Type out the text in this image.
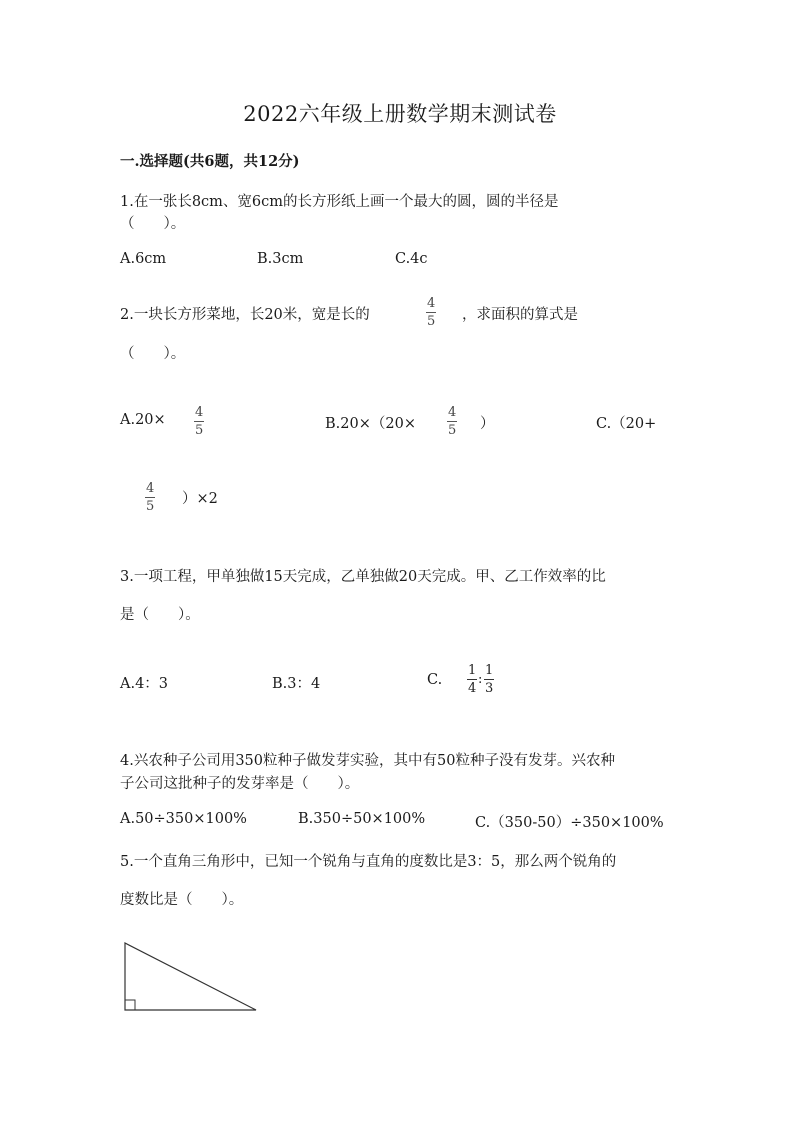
2022六年级上册数学期末测试卷
一.选择题(共6题，共12分)
1.在一张长8cm、宽6cm的长方形纸上画一个最大的圆，圆的半径是
（　　）。
A.6cm	B.3cm	C.4c
2.一块长方形菜地，长20米，宽是长的
4
5 ，求面积的算式是
（　　）。
A.20× 4
5	B.20×（20×
4
5 ）	C.（20+
4
5 ）×2
3.一项工程，甲单独做15天完成，乙单独做20天完成。甲、乙工作效率的比
是（　　）。
A.4：3	B.3：4	C.
1
4
:
1
3
4.兴农种子公司用350粒种子做发芽实验，其中有50粒种子没有发芽。兴农种
子公司这批种子的发芽率是（　　）。
A.50÷350×100%	B.350÷50×100%	C.（350-50）÷350×100%
5.一个直角三角形中，已知一个锐角与直角的度数比是3：5，那么两个锐角的
度数比是（　　）。
